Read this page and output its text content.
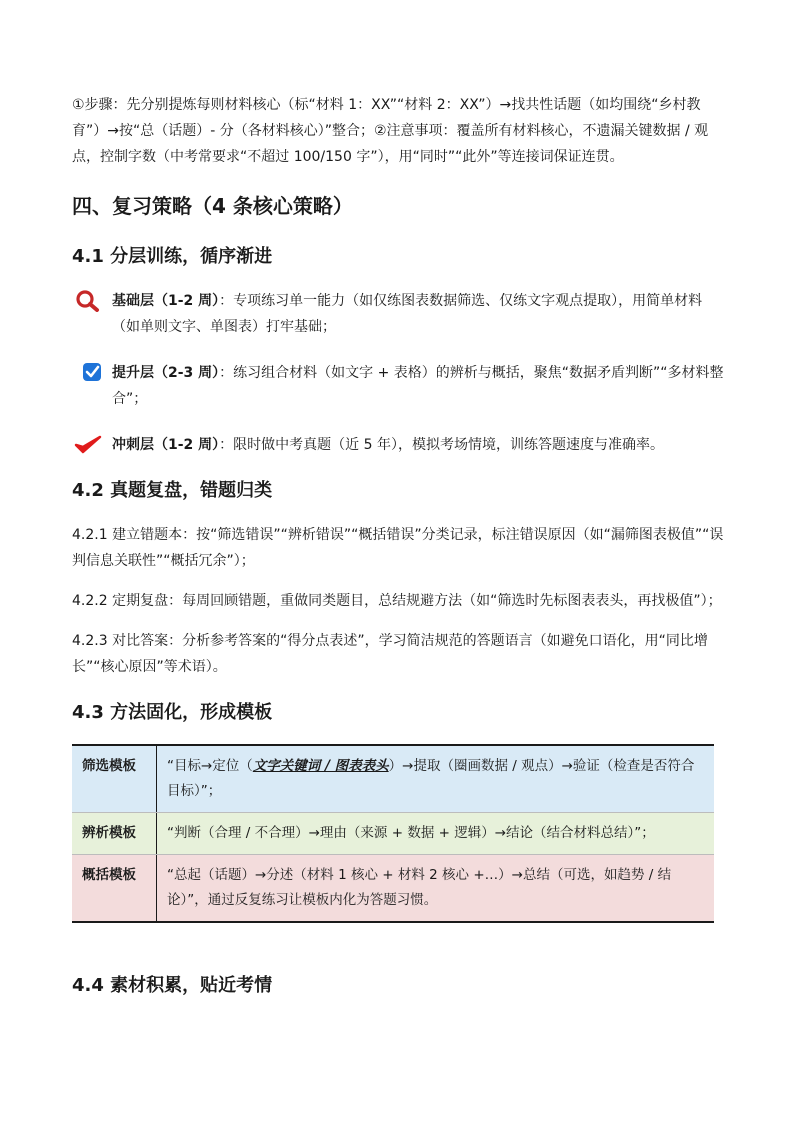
①步骤：先分别提炼每则材料核心（标“材料 1：XX”“材料 2：XX”）→找共性话题（如均围绕“乡村教育”）→按“总（话题）- 分（各材料核心）”整合；②注意事项：覆盖所有材料核心，不遗漏关键数据 / 观点，控制字数（中考常要求“不超过 100/150 字”），用“同时”“此外”等连接词保证连贯。

四、复习策略（4 条核心策略）
4.1 分层训练，循序渐进

基础层（1-2 周）：专项练习单一能力（如仅练图表数据筛选、仅练文字观点提取），用简单材料（如单则文字、单图表）打牢基础；

提升层（2-3 周）：练习组合材料（如文字 + 表格）的辨析与概括，聚焦“数据矛盾判断”“多材料整合”；

冲刺层（1-2 周）：限时做中考真题（近 5 年），模拟考场情境，训练答题速度与准确率。

4.2 真题复盘，错题归类

4.2.1 建立错题本：按“筛选错误”“辨析错误”“概括错误”分类记录，标注错误原因（如“漏筛图表极值”“误判信息关联性”“概括冗余”）；

4.2.2 定期复盘：每周回顾错题，重做同类题目，总结规避方法（如“筛选时先标图表表头，再找极值”）；

4.2.3 对比答案：分析参考答案的“得分点表述”，学习简洁规范的答题语言（如避免口语化，用“同比增长”“核心原因”等术语）。

4.3 方法固化，形成模板
筛选模板	“目标→定位（文字关键词 / 图表表头）→提取（圈画数据 / 观点）→验证（检查是否符合目标）”；
辨析模板	“判断（合理 / 不合理）→理由（来源 + 数据 + 逻辑）→结论（结合材料总结）”；
概括模板	“总起（话题）→分述（材料 1 核心 + 材料 2 核心 +…）→总结（可选，如趋势 / 结论）”，通过反复练习让模板内化为答题习惯。
4.4 素材积累，贴近考情
